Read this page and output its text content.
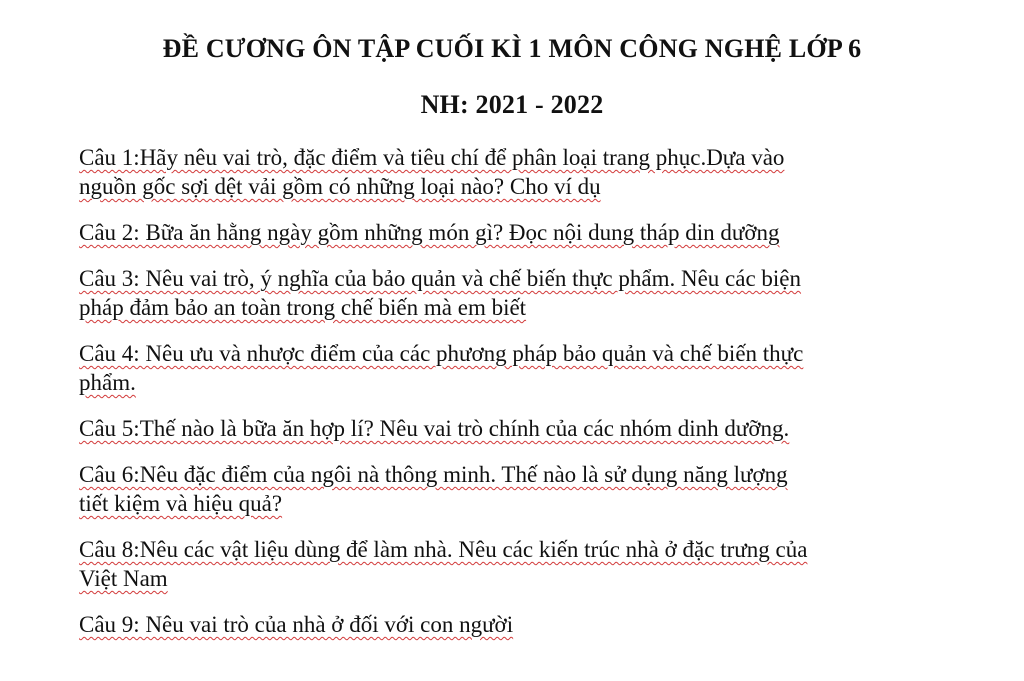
ĐỀ CƯƠNG ÔN TẬP CUỐI KÌ 1 MÔN CÔNG NGHỆ LỚP 6
NH: 2021 - 2022

Câu 1:Hãy nêu vai trò, đặc điểm và tiêu chí để phân loại trang phục.Dựa vào
nguồn gốc sợi dệt vải gồm có những loại nào? Cho ví dụ

Câu 2: Bữa ăn hằng ngày gồm những món gì? Đọc nội dung tháp din dưỡng

Câu 3: Nêu vai trò, ý nghĩa của bảo quản và chế biến thực phẩm. Nêu các biện
pháp đảm bảo an toàn trong chế biến mà em biết

Câu 4: Nêu ưu và nhược điểm của các phương pháp bảo quản và chế biến thực
phẩm.

Câu 5:Thế nào là bữa ăn hợp lí? Nêu vai trò chính của các nhóm dinh dưỡng.

Câu 6:Nêu đặc điểm của ngôi nà thông minh. Thế nào là sử dụng năng lượng
tiết kiệm và hiệu quả?

Câu 8:Nêu các vật liệu dùng để làm nhà. Nêu các kiến trúc nhà ở đặc trưng của
Việt Nam

Câu 9: Nêu vai trò của nhà ở đối với con người
